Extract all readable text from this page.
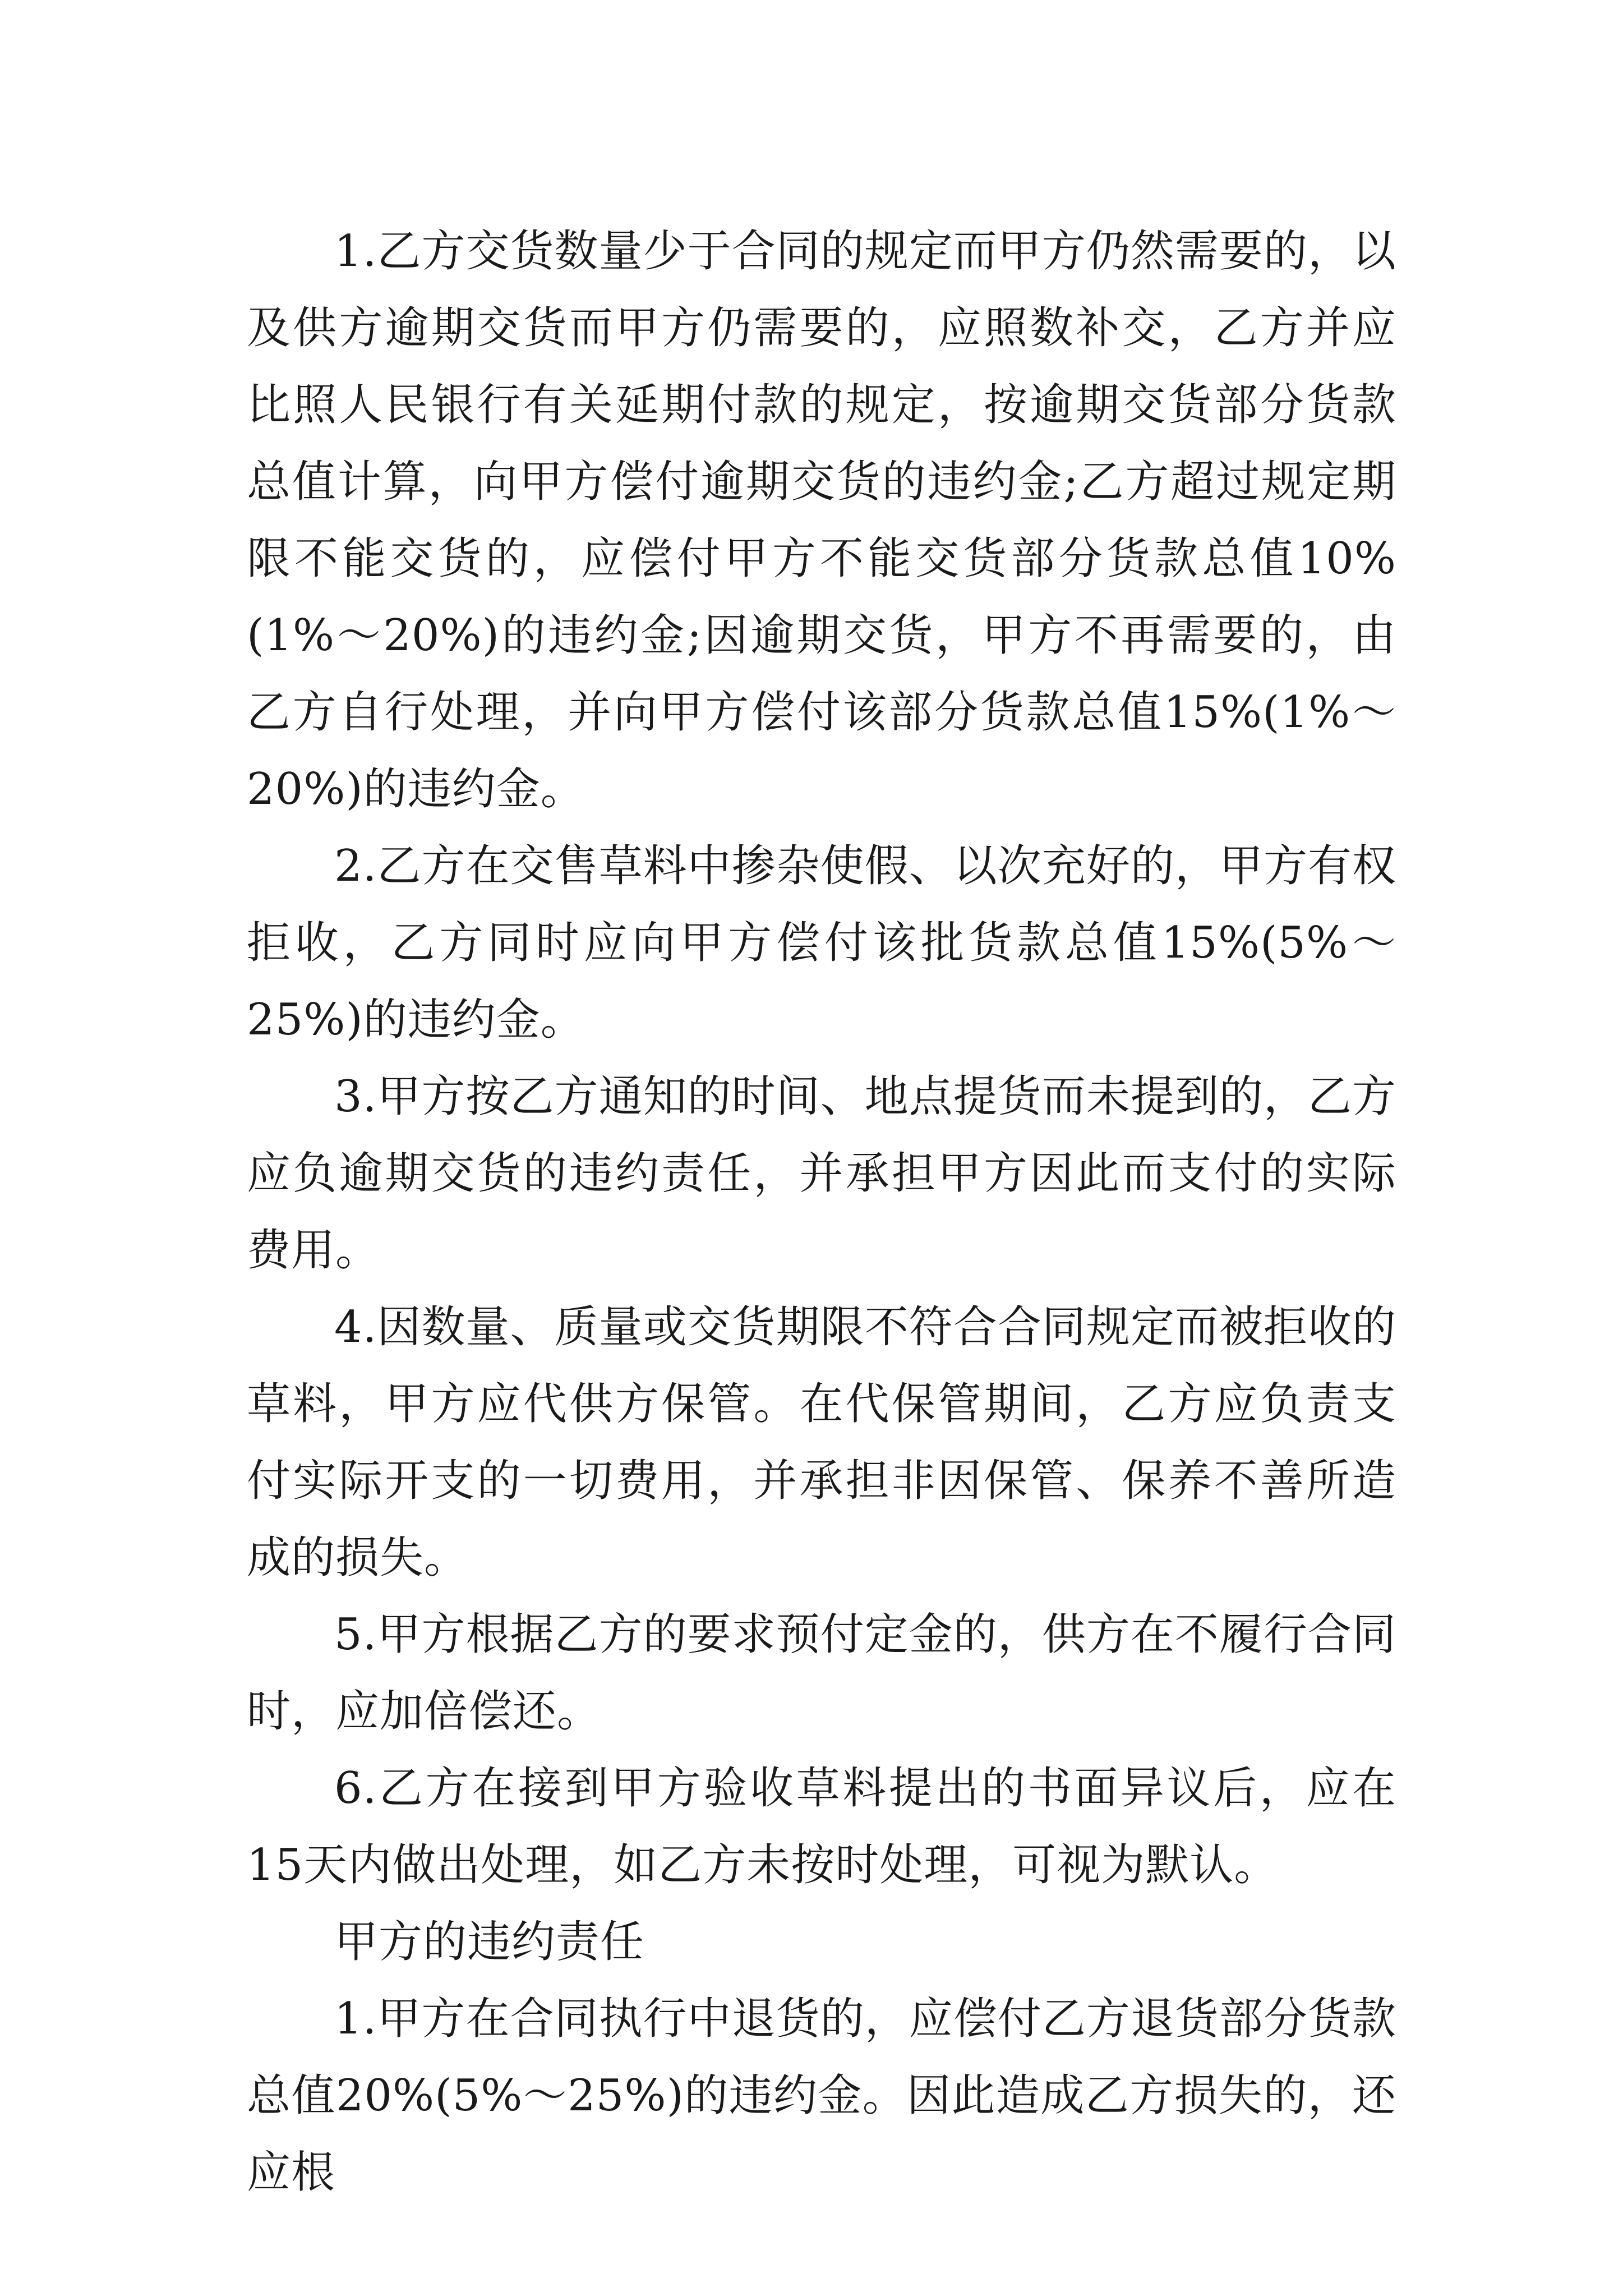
1.乙方交货数量少于合同的规定而甲方仍然需要的，以及供方逾期交货而甲方仍需要的，应照数补交，乙方并应比照人民银行有关延期付款的规定，按逾期交货部分货款总值计算，向甲方偿付逾期交货的违约金;乙方超过规定期限不能交货的，应偿付甲方不能交货部分货款总值10%(1%～20%)的违约金;因逾期交货，甲方不再需要的，由乙方自行处理，并向甲方偿付该部分货款总值15%(1%～20%)的违约金。

2.乙方在交售草料中掺杂使假、以次充好的，甲方有权拒收，乙方同时应向甲方偿付该批货款总值15%(5%～25%)的违约金。

3.甲方按乙方通知的时间、地点提货而未提到的，乙方应负逾期交货的违约责任，并承担甲方因此而支付的实际费用。

4.因数量、质量或交货期限不符合合同规定而被拒收的草料，甲方应代供方保管。在代保管期间，乙方应负责支付实际开支的一切费用，并承担非因保管、保养不善所造成的损失。

5.甲方根据乙方的要求预付定金的，供方在不履行合同时，应加倍偿还。

6.乙方在接到甲方验收草料提出的书面异议后，应在15天内做出处理，如乙方未按时处理，可视为默认。

甲方的违约责任

1.甲方在合同执行中退货的，应偿付乙方退货部分货款总值20%(5%～25%)的违约金。因此造成乙方损失的，还应根
